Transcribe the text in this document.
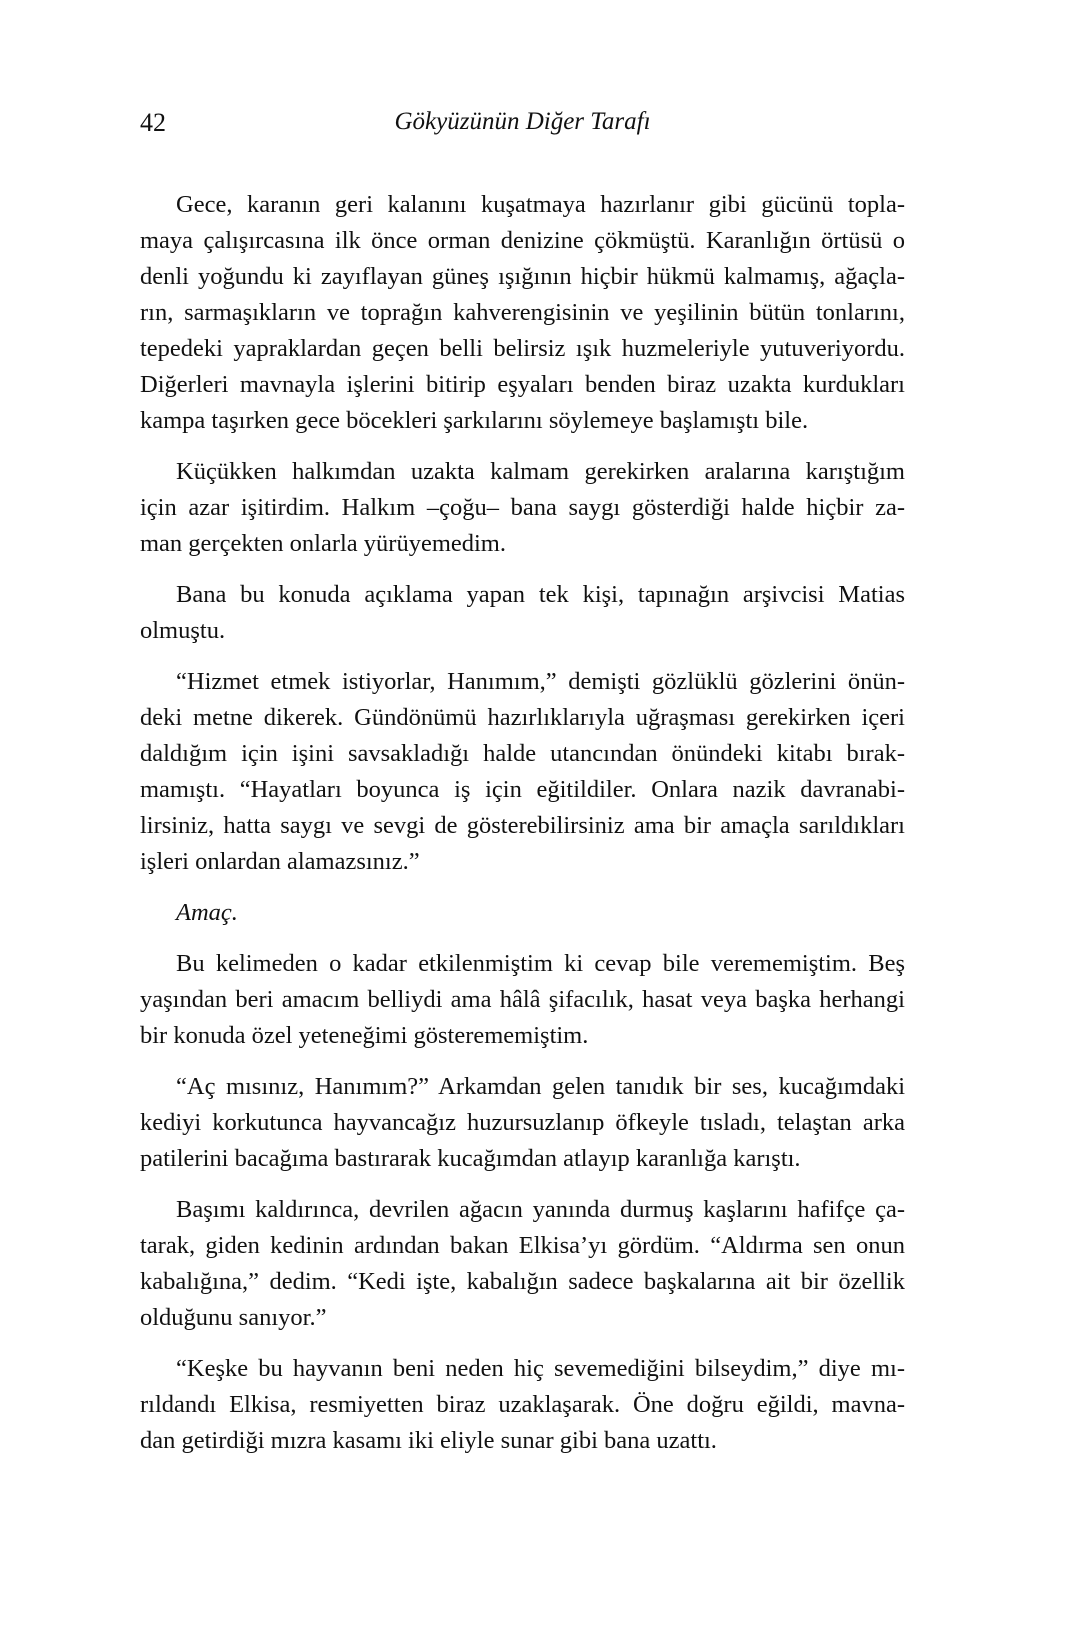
42	Gökyüzünün Diğer Tarafı
Gece, karanın geri kalanını kuşatmaya hazırlanır gibi gücünü topla-
maya çalışırcasına ilk önce orman denizine çökmüştü. Karanlığın örtüsü o
denli yoğundu ki zayıflayan güneş ışığının hiçbir hükmü kalmamış, ağaçla-
rın, sarmaşıkların ve toprağın kahverengisinin ve yeşilinin bütün tonlarını,
tepedeki yapraklardan geçen belli belirsiz ışık huzmeleriyle yutuveriyordu.
Diğerleri mavnayla işlerini bitirip eşyaları benden biraz uzakta kurdukları
kampa taşırken gece böcekleri şarkılarını söylemeye başlamıştı bile.
Küçükken halkımdan uzakta kalmam gerekirken aralarına karıştığım
için azar işitirdim. Halkım –çoğu– bana saygı gösterdiği halde hiçbir za-
man gerçekten onlarla yürüyemedim.
Bana bu konuda açıklama yapan tek kişi, tapınağın arşivcisi Matias
olmuştu.
“Hizmet etmek istiyorlar, Hanımım,” demişti gözlüklü gözlerini önün-
deki metne dikerek. Gündönümü hazırlıklarıyla uğraşması gerekirken içeri
daldığım için işini savsakladığı halde utancından önündeki kitabı bırak-
mamıştı. “Hayatları boyunca iş için eğitildiler. Onlara nazik davranabi-
lirsiniz, hatta saygı ve sevgi de gösterebilirsiniz ama bir amaçla sarıldıkları
işleri onlardan alamazsınız.”
Amaç.
Bu kelimeden o kadar etkilenmiştim ki cevap bile verememiştim. Beş
yaşından beri amacım belliydi ama hâlâ şifacılık, hasat veya başka herhangi
bir konuda özel yeteneğimi gösterememiştim.
“Aç mısınız, Hanımım?” Arkamdan gelen tanıdık bir ses, kucağımdaki
kediyi korkutunca hayvancağız huzursuzlanıp öfkeyle tısladı, telaştan arka
patilerini bacağıma bastırarak kucağımdan atlayıp karanlığa karıştı.
Başımı kaldırınca, devrilen ağacın yanında durmuş kaşlarını hafifçe ça-
tarak, giden kedinin ardından bakan Elkisa’yı gördüm. “Aldırma sen onun
kabalığına,” dedim. “Kedi işte, kabalığın sadece başkalarına ait bir özellik
olduğunu sanıyor.”
“Keşke bu hayvanın beni neden hiç sevemediğini bilseydim,” diye mı-
rıldandı Elkisa, resmiyetten biraz uzaklaşarak. Öne doğru eğildi, mavna-
dan getirdiği mızra kasamı iki eliyle sunar gibi bana uzattı.
